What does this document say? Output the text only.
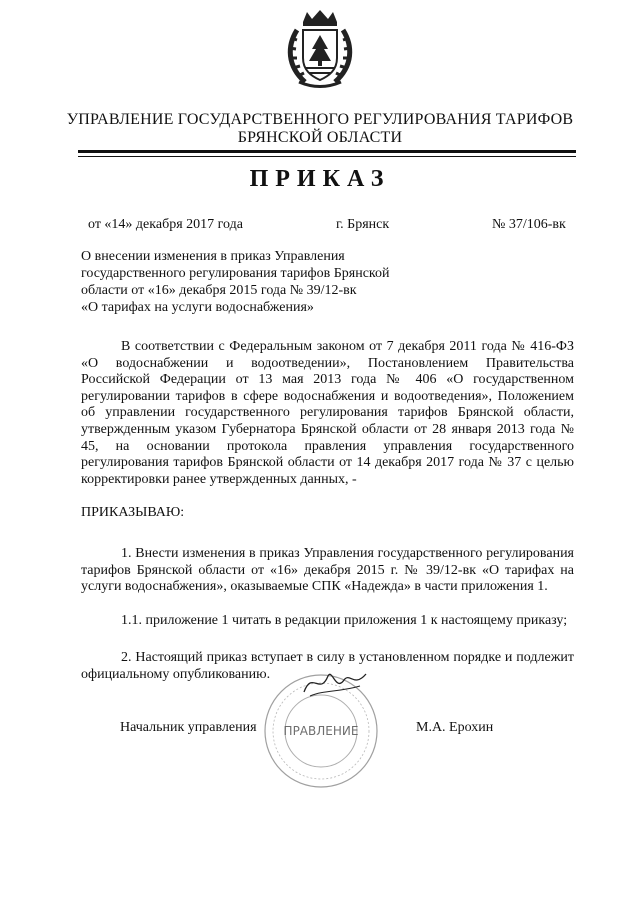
УПРАВЛЕНИЕ ГОСУДАРСТВЕННОГО РЕГУЛИРОВАНИЯ ТАРИФОВ
БРЯНСКОЙ ОБЛАСТИ
ПРИКАЗ
от «14» декабря 2017 года	г. Брянск	№ 37/106-вк
О внесении изменения в приказ Управления
государственного регулирования тарифов Брянской
области от «16» декабря 2015 года № 39/12-вк
«О тарифах на услуги водоснабжения»

В соответствии с Федеральным законом от 7 декабря 2011 года № 416-ФЗ «О водоснабжении и водоотведении», Постановлением Правительства Российской Федерации от 13 мая 2013 года № 406 «О государственном регулировании тарифов в сфере водоснабжения и водоотведения», Положением об управлении государственного регулирования тарифов Брянской области, утвержденным указом Губернатора Брянской области от 28 января 2013 года № 45, на основании протокола правления управления государственного регулирования тарифов Брянской области от 14 декабря 2017 года № 37 с целью корректировки ранее утвержденных данных, -

ПРИКАЗЫВАЮ:

1. Внести изменения в приказ Управления государственного регулирования тарифов Брянской области от «16» декабря 2015 г. № 39/12-вк «О тарифах на услуги водоснабжения», оказываемые СПК «Надежда» в части приложения 1.

1.1. приложение 1 читать в редакции приложения 1 к настоящему приказу;

2. Настоящий приказ вступает в силу в установленном порядке и подлежит официальному опубликованию.

ПРАВЛЕНИЕ
Начальник управления	М.А. Ерохин
